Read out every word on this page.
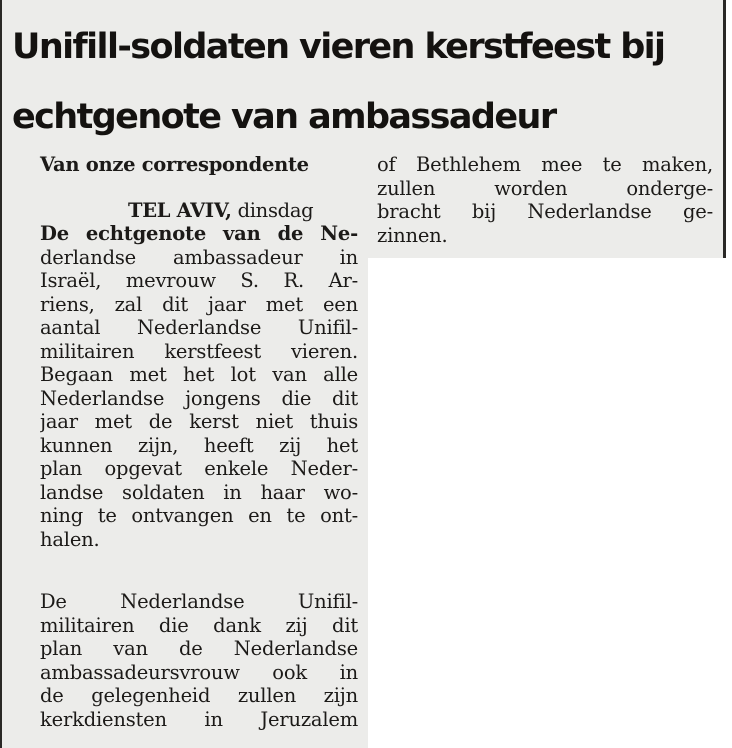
Unifill-soldaten vieren kerstfeest bij
echtgenote van ambassadeur
Van onze correspondente
TEL AVIV, dinsdag
De echtgenote van de Ne-
derlandse ambassadeur in
Israël, mevrouw S. R. Ar-
riens, zal dit jaar met een
aantal Nederlandse Unifil-
militairen kerstfeest vieren.
Begaan met het lot van alle
Nederlandse jongens die dit
jaar met de kerst niet thuis
kunnen zijn, heeft zij het
plan opgevat enkele Neder-
landse soldaten in haar wo-
ning te ontvangen en te ont-
halen.
De Nederlandse Unifil-
militairen die dank zij dit
plan van de Nederlandse
ambassadeursvrouw ook in
de gelegenheid zullen zijn
kerkdiensten in Jeruzalem
of Bethlehem mee te maken,
zullen worden onderge-
bracht bij Nederlandse ge-
zinnen.
